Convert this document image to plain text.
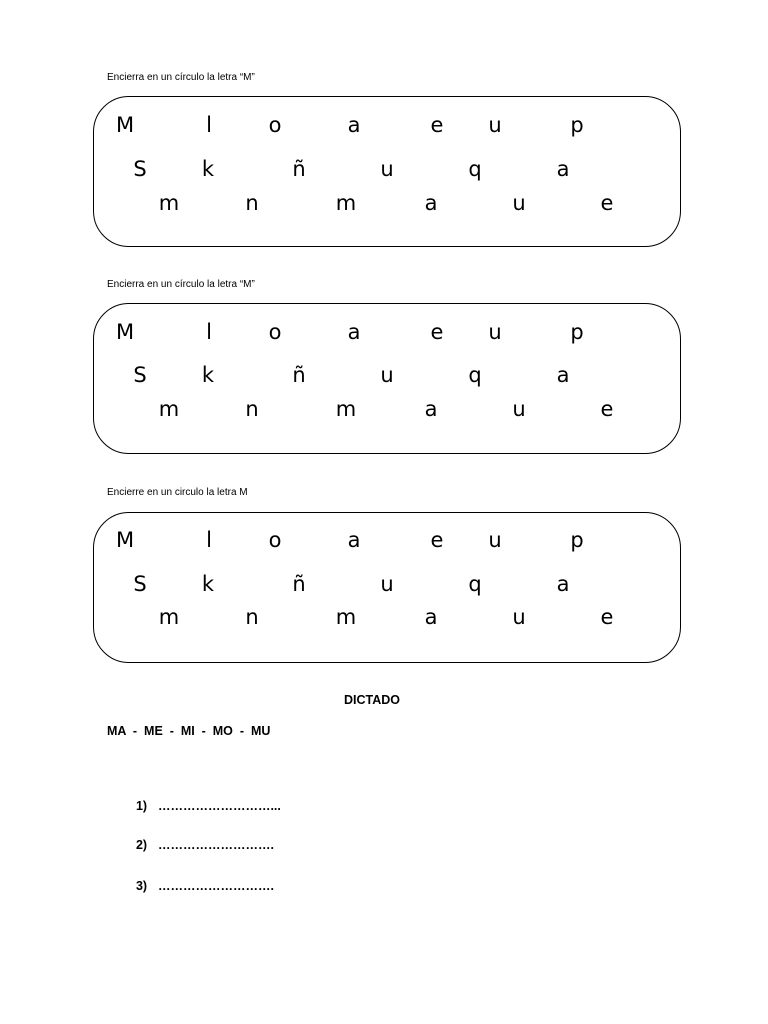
Encierra en un círculo la letra “M”
M	l	o	a	e u	p
S	k	ñ	u	q	a
m	n	m	a	u	e
Encierra en un círculo la letra “M”
M	l	o	a	e u	p
S	k	ñ	u	q	a
m	n	m	a	u	e
Encierre en un circulo la letra M
M	l	o	a	e u	p
S	k	ñ	u	q	a
m	n	m	a	u	e
DICTADO
MA  -  ME  -  MI  -  MO  -  MU

1) ………………………...

2) ……………………….

3) ……………………….
